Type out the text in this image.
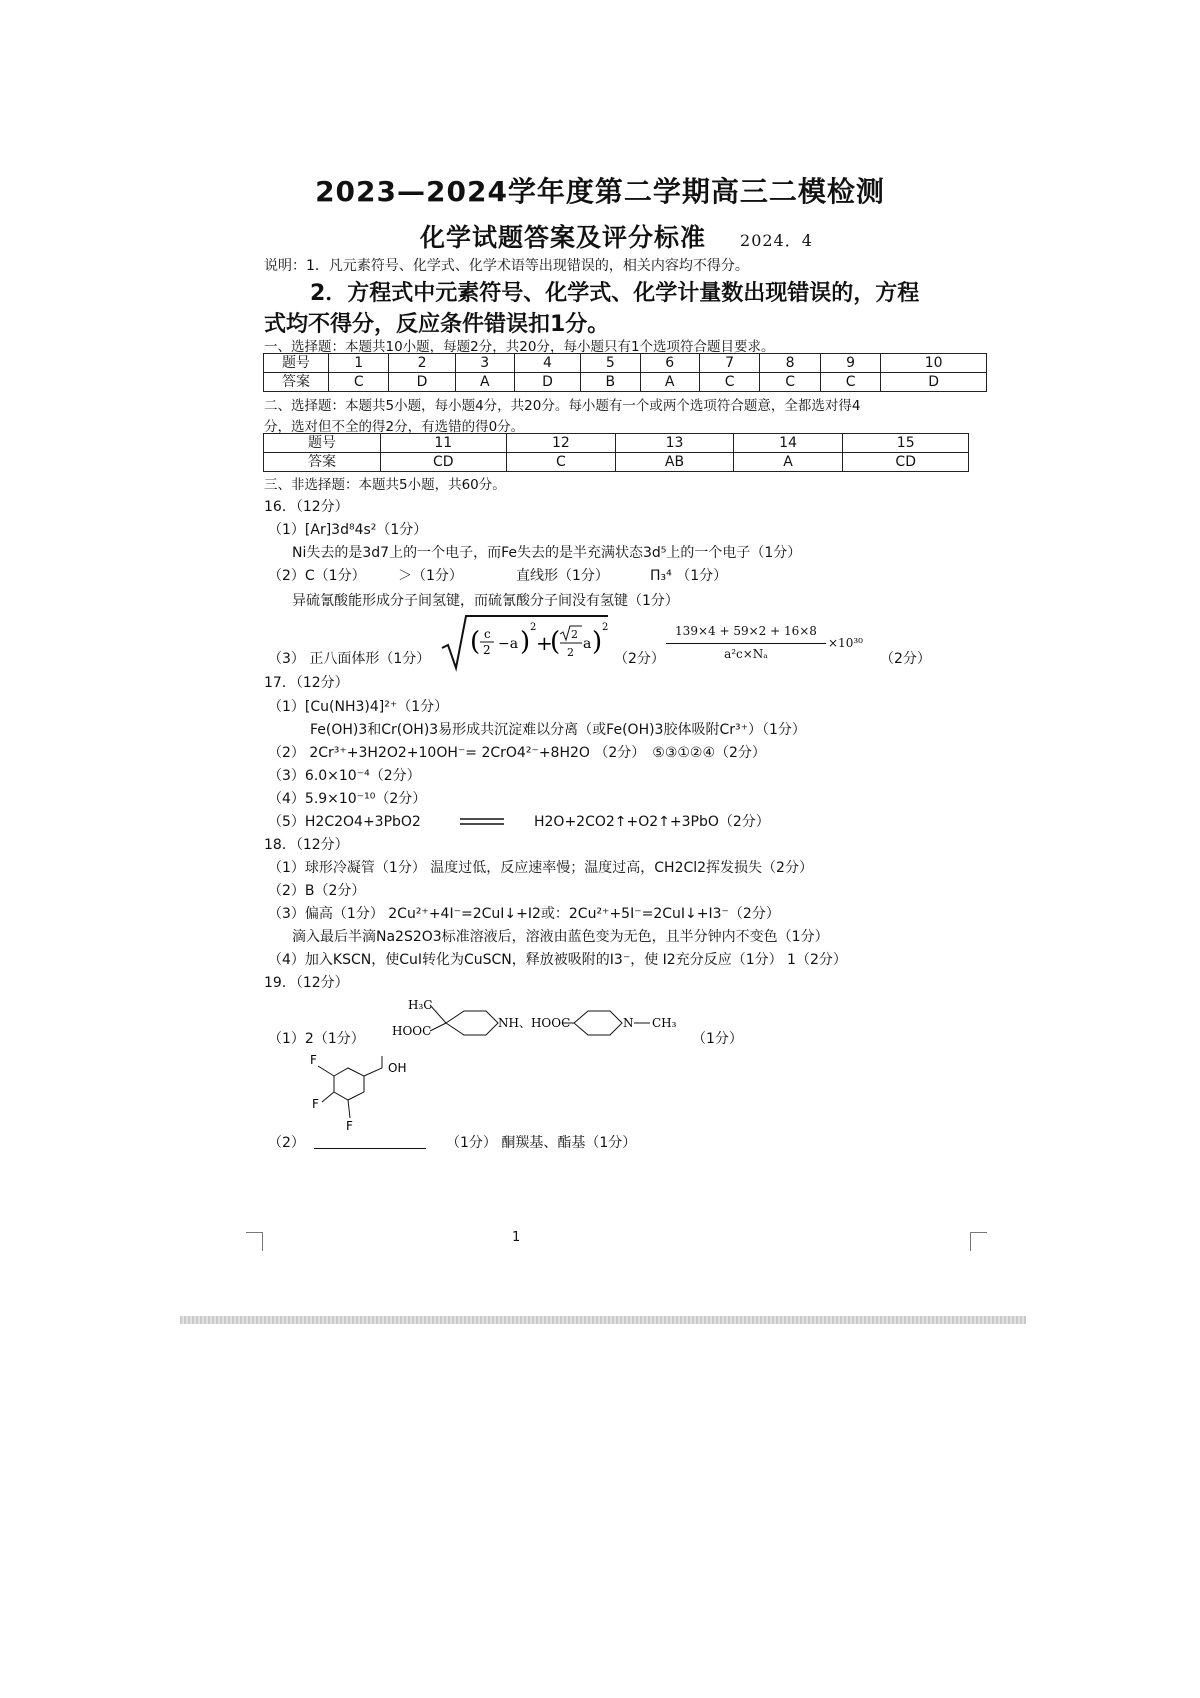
2023—2024学年度第二学期高三二模检测
化学试题答案及评分标准 2024．4
说明：1．凡元素符号、化学式、化学术语等出现错误的，相关内容均不得分。
2．方程式中元素符号、化学式、化学计量数出现错误的，方程
式均不得分，反应条件错误扣1分。
一、选择题：本题共10小题，每题2分，共20分，每小题只有1个选项符合题目要求。
题号	1	2	3	4	5	6	7	8	9	10
答案	C	D	A	D	B	A	C	C	C	D
二、选择题：本题共5小题，每小题4分，共20分。每小题有一个或两个选项符合题意，全都选对得4
分，选对但不全的得2分，有选错的得0分。
题号	11	12	13	14	15
答案	CD	C	AB	A	CD
三、非选择题：本题共5小题，共60分。
16．（12分）
（1）[Ar]3d⁸4s²（1分）
Ni失去的是3d7上的一个电子，而Fe失去的是半充满状态3d⁵上的一个电子（1分）
（2）C（1分） ＞（1分）	直线形（1分）	Π₃⁴ （1分）
异硫氰酸能形成分子间氢键，而硫氰酸分子间没有氢键（1分）
（3） 正八面体形（1分）
( c
2 −a ) 2
+
( 2
2
a ) 2
（2分）
139×4 + 59×2 + 16×8
a²c×Nₐ
×10³⁰
（2分）
17．（12分）
（1）[Cu(NH3)4]²⁺（1分）
Fe(OH)3和Cr(OH)3易形成共沉淀难以分离（或Fe(OH)3胶体吸附Cr³⁺）（1分）
（2） 2Cr³⁺+3H2O2+10OH⁻= 2CrO4²⁻+8H2O （2分）　⑤③①②④（2分）
（3）6.0×10⁻⁴（2分）
（4）5.9×10⁻¹⁰（2分）
（5）H2C2O4+3PbO2	H2O+2CO2↑+O2↑+3PbO（2分）
18．（12分）
（1）球形冷凝管（1分） 温度过低，反应速率慢；温度过高，CH2Cl2挥发损失（2分）
（2）B（2分）
（3）偏高（1分） 2Cu²⁺+4I⁻=2CuI↓+I2或：2Cu²⁺+5I⁻=2CuI↓+I3⁻（2分）
滴入最后半滴Na2S2O3标准溶液后，溶液由蓝色变为无色，且半分钟内不变色（1分）
（4）加入KSCN，使CuI转化为CuSCN，释放被吸附的I3⁻，使 I2充分反应（1分） 1（2分）
19．（12分）
（1）2（1分）
H₃C
HOOC
NH、HOOC	N CH₃
（1分）
F
F
F
OH
（2）	（1分） 酮羰基、酯基（1分）
1
